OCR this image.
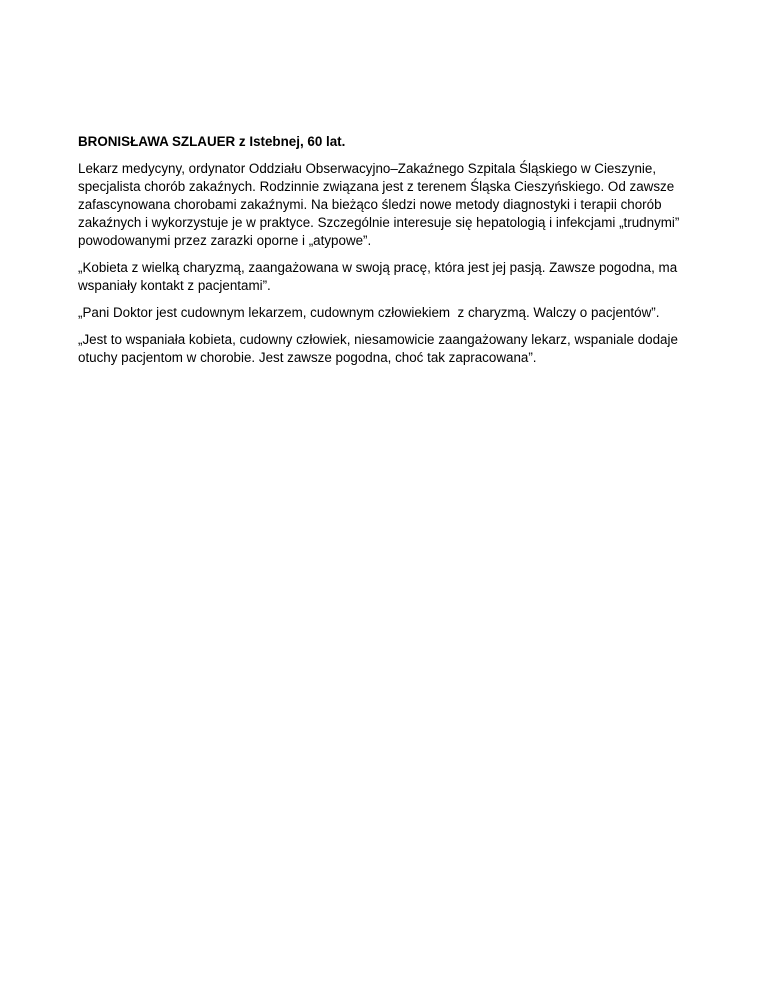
BRONISŁAWA SZLAUER z Istebnej, 60 lat.

Lekarz medycyny, ordynator Oddziału Obserwacyjno–Zakaźnego Szpitala Śląskiego w Cieszynie, specjalista chorób zakaźnych. Rodzinnie związana jest z terenem Śląska Cieszyńskiego. Od zawsze zafascynowana chorobami zakaźnymi. Na bieżąco śledzi nowe metody diagnostyki i terapii chorób zakaźnych i wykorzystuje je w praktyce. Szczególnie interesuje się hepatologią i infekcjami „trudnymi” powodowanymi przez zarazki oporne i „atypowe”.

„Kobieta z wielką charyzmą, zaangażowana w swoją pracę, która jest jej pasją. Zawsze pogodna, ma wspaniały kontakt z pacjentami”.

„Pani Doktor jest cudownym lekarzem, cudownym człowiekiem  z charyzmą. Walczy o pacjentów”.

„Jest to wspaniała kobieta, cudowny człowiek, niesamowicie zaangażowany lekarz, wspaniale dodaje otuchy pacjentom w chorobie. Jest zawsze pogodna, choć tak zapracowana”.
